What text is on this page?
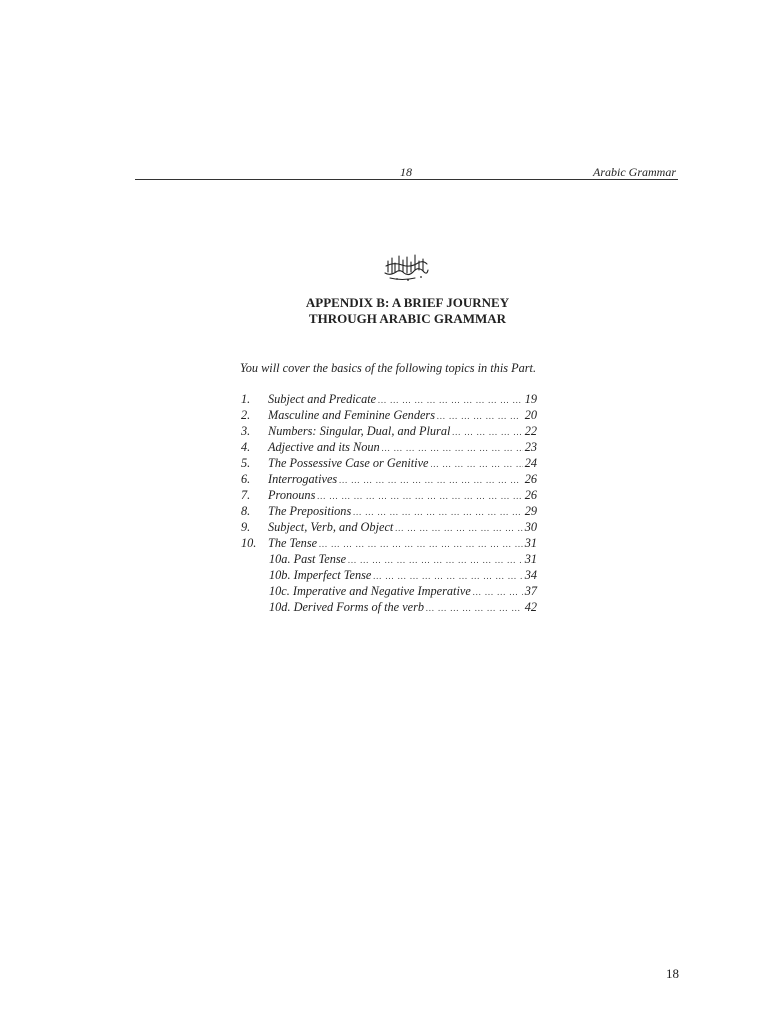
18	Arabic Grammar
APPENDIX B: A BRIEF JOURNEY
THROUGH ARABIC GRAMMAR
You will cover the basics of the following topics in this Part.
1. Subject and Predicate … … … … … … … … … … … … … … … … … … … … … … … … … … … … … …	19
2. Masculine and Feminine Genders … … … … … … … … … … … … … … … … … … … … … … … … … … … … … …	20
3. Numbers: Singular, Dual, and Plural … … … … … … … … … … … … … … … … … … … … … … … … … … … … … …	22
4. Adjective and its Noun … … … … … … … … … … … … … … … … … … … … … … … … … … … … … …	23
5. The Possessive Case or Genitive … … … … … … … … … … … … … … … … … … … … … … … … … … … … … …	24
6. Interrogatives … … … … … … … … … … … … … … … … … … … … … … … … … … … … … …	26
7. Pronouns … … … … … … … … … … … … … … … … … … … … … … … … … … … … … …	26
8. The Prepositions … … … … … … … … … … … … … … … … … … … … … … … … … … … … … …	29
9. Subject, Verb, and Object … … … … … … … … … … … … … … … … … … … … … … … … … … … … … …	30
10. The Tense … … … … … … … … … … … … … … … … … … … … … … … … … … … … … …	31
10a. Past Tense … … … … … … … … … … … … … … … … … … … … … … … … … … … … … …	31
10b. Imperfect Tense … … … … … … … … … … … … … … … … … … … … … … … … … … … … … …	34
10c. Imperative and Negative Imperative … … … … … … … … … … … … … … … … … … … … … … … … … … … … … …	37
10d. Derived Forms of the verb … … … … … … … … … … … … … … … … … … … … … … … … … … … … … …	42
18
